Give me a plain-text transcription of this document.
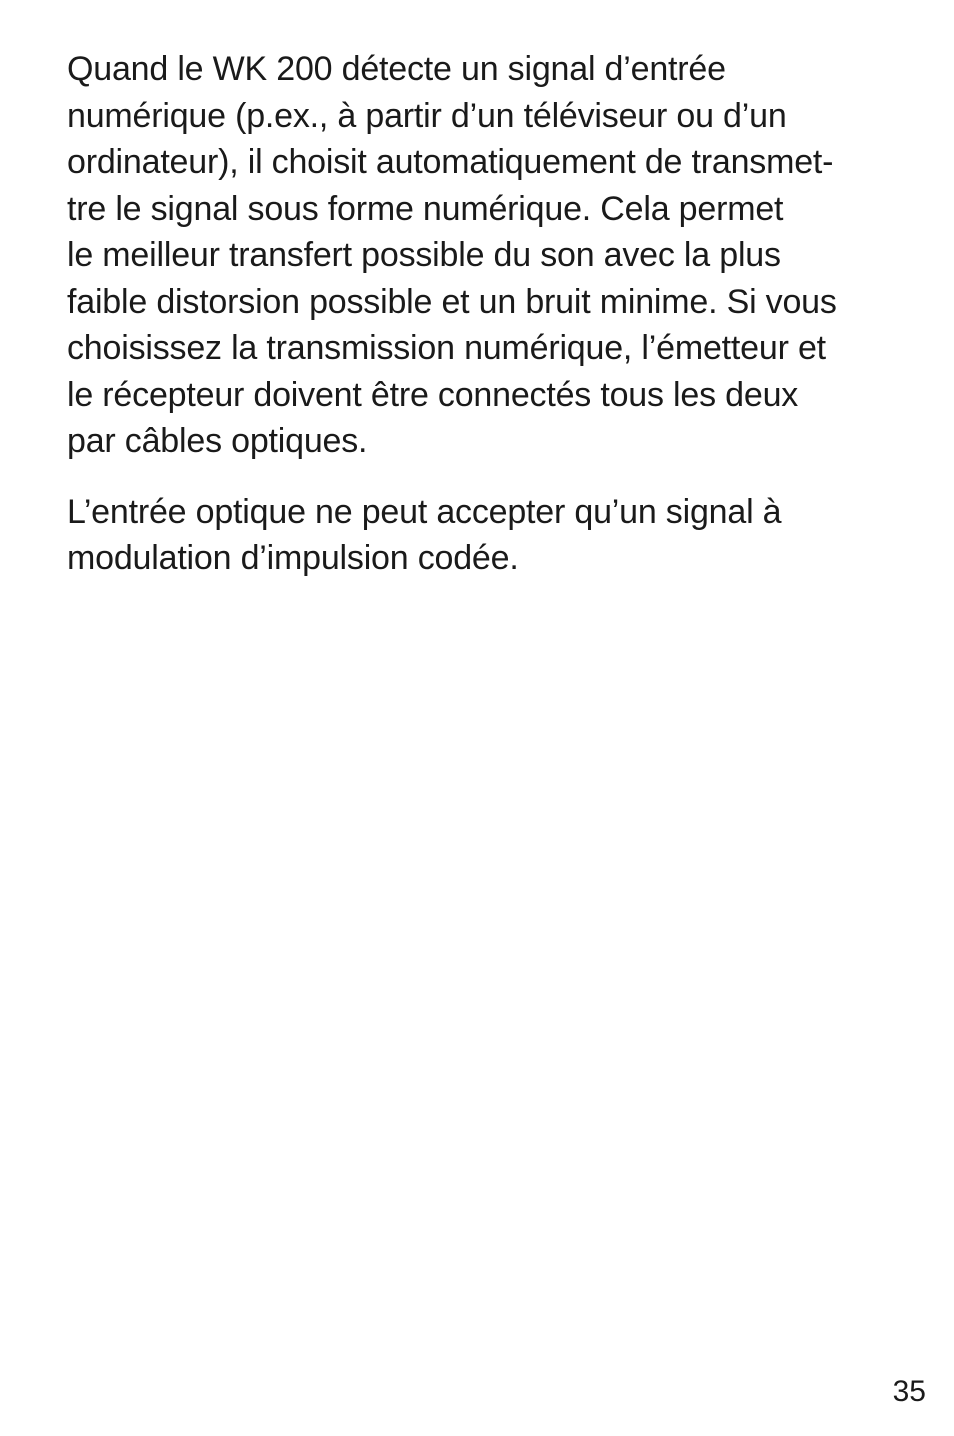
Quand le WK 200 détecte un signal d’entrée
numérique (p.ex., à partir d’un téléviseur ou d’un
ordinateur), il choisit automatiquement de transmet-
tre le signal sous forme numérique. Cela permet
le meilleur transfert possible du son avec la plus
faible distorsion possible et un bruit minime. Si vous
choisissez la transmission numérique, l’émetteur et
le récepteur doivent être connectés tous les deux
par câbles optiques.

L’entrée optique ne peut accepter qu’un signal à
modulation d’impulsion codée.

35
